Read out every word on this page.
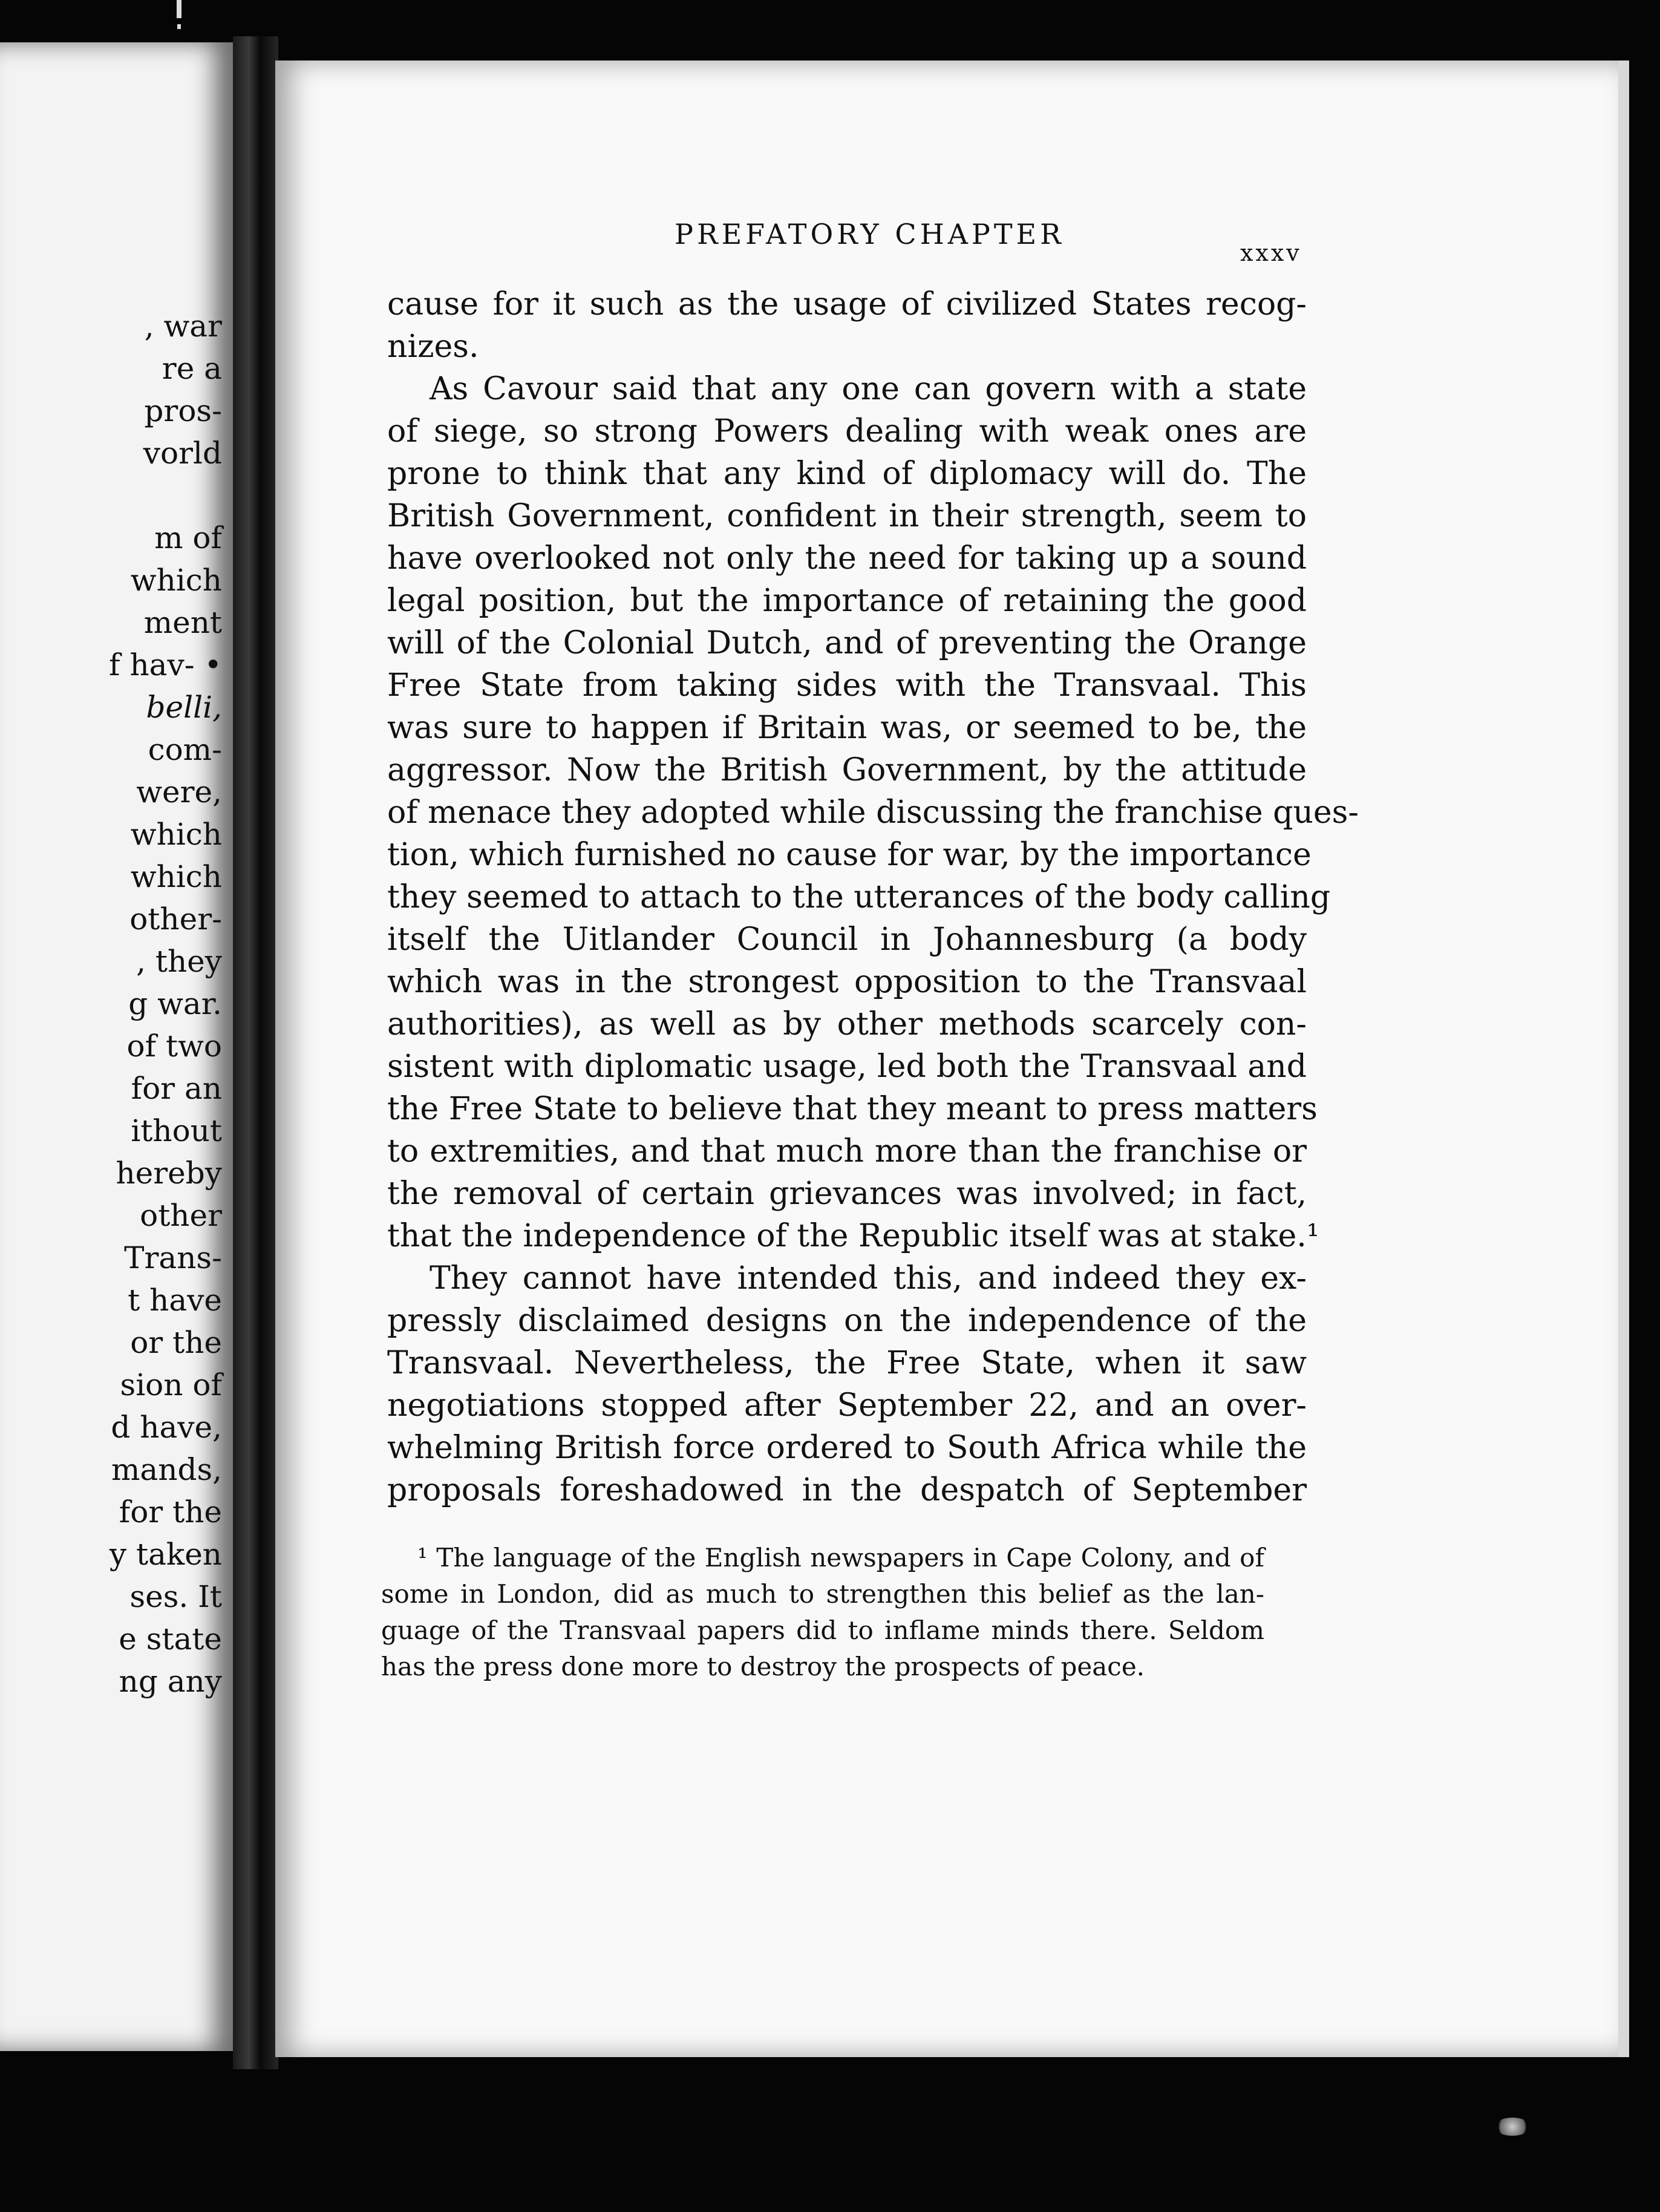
, war
re a
pros-
vorld
m of
which
ment
f hav- •
belli,
com-
were,
which
which
other-
, they
g war.
of two
for an
ithout
hereby
other
Trans-
t have
or the
sion of
d have,
mands,
for the
y taken
ses. It
e state
ng any
PREFATORY CHAPTER
xxxv
cause for it such as the usage of civilized States recog-
nizes.
As Cavour said that any one can govern with a state
of siege, so strong Powers dealing with weak ones are
prone to think that any kind of diplomacy will do. The
British Government, confident in their strength, seem to
have overlooked not only the need for taking up a sound
legal position, but the importance of retaining the good
will of the Colonial Dutch, and of preventing the Orange
Free State from taking sides with the Transvaal. This
was sure to happen if Britain was, or seemed to be, the
aggressor. Now the British Government, by the attitude
of menace they adopted while discussing the franchise ques-
tion, which furnished no cause for war, by the importance
they seemed to attach to the utterances of the body calling
itself the Uitlander Council in Johannesburg (a body
which was in the strongest opposition to the Transvaal
authorities), as well as by other methods scarcely con-
sistent with diplomatic usage, led both the Transvaal and
the Free State to believe that they meant to press matters
to extremities, and that much more than the franchise or
the removal of certain grievances was involved; in fact,
that the independence of the Republic itself was at stake.¹
They cannot have intended this, and indeed they ex-
pressly disclaimed designs on the independence of the
Transvaal. Nevertheless, the Free State, when it saw
negotiations stopped after September 22, and an over-
whelming British force ordered to South Africa while the
proposals foreshadowed in the despatch of September
¹ The language of the English newspapers in Cape Colony, and of
some in London, did as much to strengthen this belief as the lan-
guage of the Transvaal papers did to inflame minds there. Seldom
has the press done more to destroy the prospects of peace.
